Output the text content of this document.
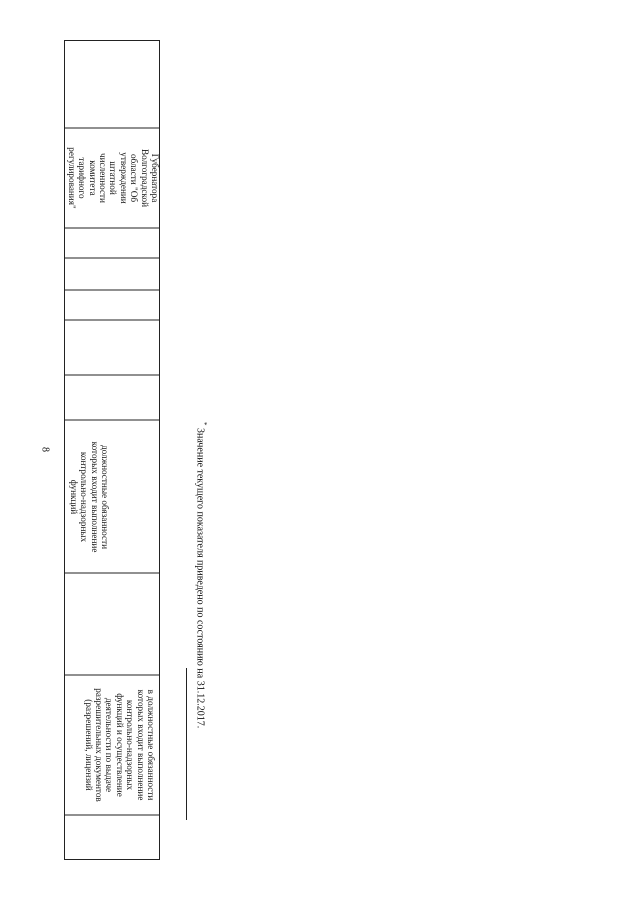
8
в должностные обязанности
которых входит выполнение
контрольно-надзорных
функций и осуществление
деятельности по выдаче
разрешительных документов
(разрешений, лицензий
должностные обязанности
которых входит выполнение
контрольно-надзорных
функций
Губернатора
Волгоградской
области "Об
утверждении
штатной
численности
комитета
тарифного
регулирования"
* Значение текущего показателя приведено по состоянию на 31.12.2017.
